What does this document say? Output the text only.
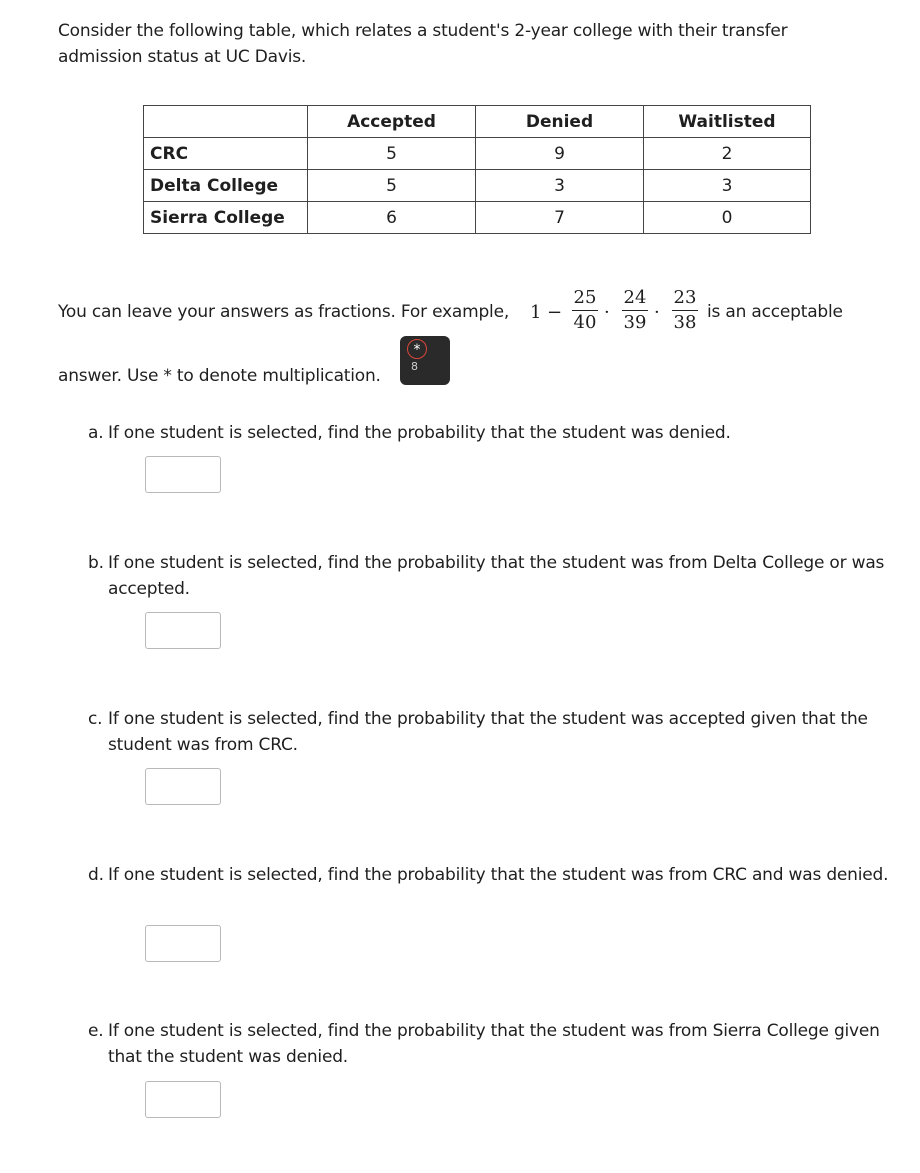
Consider the following table, which relates a student's 2-year college with their transfer admission status at UC Davis.
	Accepted	Denied	Waitlisted
CRC	5	9	2
Delta College	5	3	3
Sierra College	6	7	0
You can leave your answers as fractions. For example, 1 −
25
40 ·
24
39 ·
23
38 is an acceptable
answer. Use * to denote multiplication.
*
8
a. If one student is selected, find the probability that the student was denied.
b. If one student is selected, find the probability that the student was from Delta College or was accepted.
c. If one student is selected, find the probability that the student was accepted given that the student was from CRC.
d. If one student is selected, find the probability that the student was from CRC and was denied.
e. If one student is selected, find the probability that the student was from Sierra College given that the student was denied.
